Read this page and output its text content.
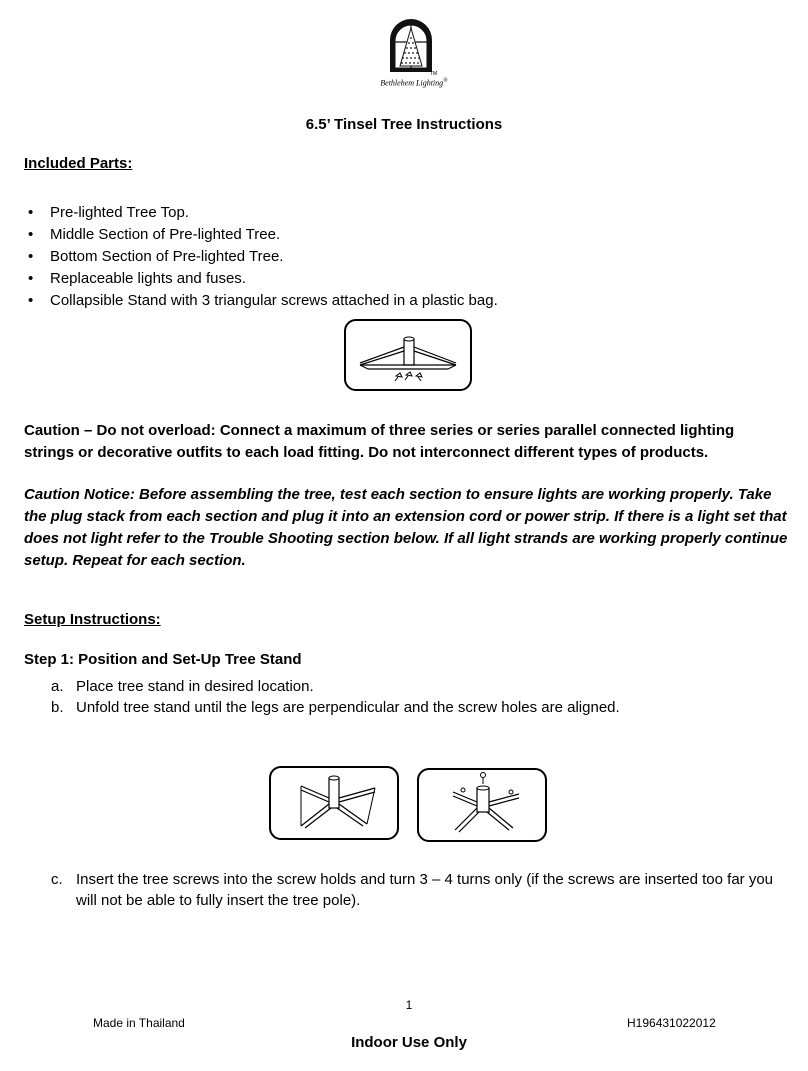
TM
Bethlehem Lighting®
6.5’ Tinsel Tree Instructions
Included Parts:
• Pre-lighted Tree Top.
• Middle Section of Pre-lighted Tree.
• Bottom Section of Pre-lighted Tree.
• Replaceable lights and fuses.
• Collapsible Stand with 3 triangular screws attached in a plastic bag.
Caution – Do not overload: Connect a maximum of three series or series parallel connected lighting strings or decorative outfits to each load fitting. Do not interconnect different types of products.
Caution Notice: Before assembling the tree, test each section to ensure lights are working properly. Take the plug stack from each section and plug it into an extension cord or power strip. If there is a light set that does not light refer to the Trouble Shooting section below. If all light strands are working properly continue setup. Repeat for each section.
Setup Instructions:
Step 1: Position and Set-Up Tree Stand
a. Place tree stand in desired location.
b. Unfold tree stand until the legs are perpendicular and the screw holes are aligned.
c. Insert the tree screws into the screw holds and turn 3 – 4 turns only (if the screws are inserted too far you will not be able to fully insert the tree pole).
1
Made in Thailand	H196431022012
Indoor Use Only
